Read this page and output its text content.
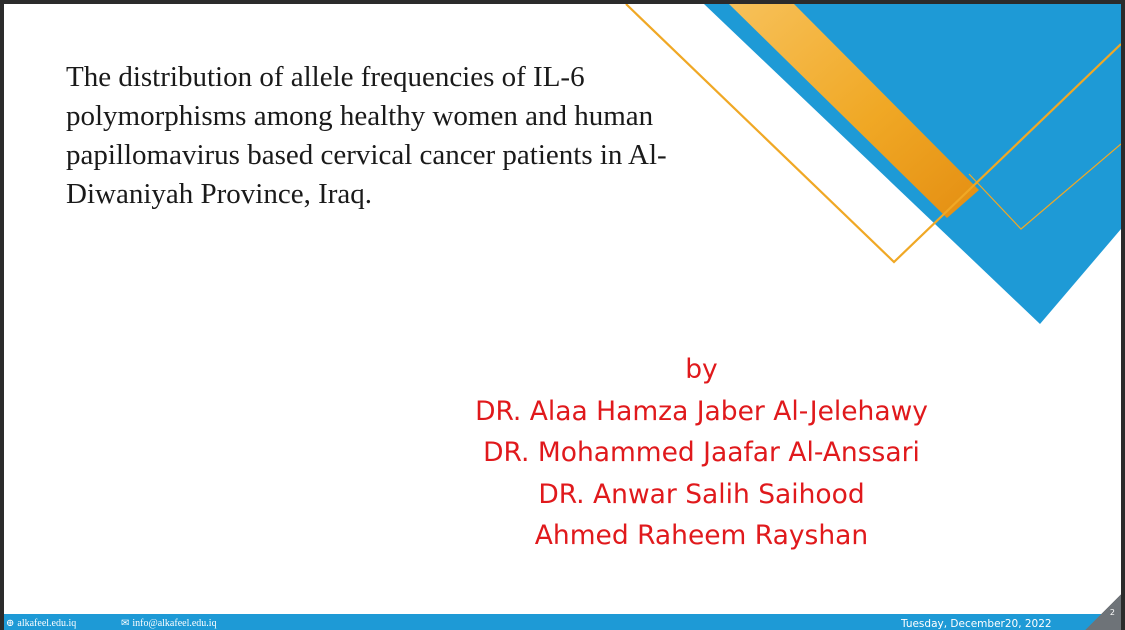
The distribution of allele frequencies of IL-6 polymorphisms among healthy women and human papillomavirus based cervical cancer patients in Al-Diwaniyah Province, Iraq.
by
DR. Alaa Hamza Jaber Al-Jelehawy
DR. Mohammed Jaafar Al-Anssari
DR. Anwar Salih Saihood
Ahmed Raheem Rayshan
⊕ alkafeel.edu.iq	✉ info@alkafeel.edu.iq	Tuesday, December20, 2022
2
